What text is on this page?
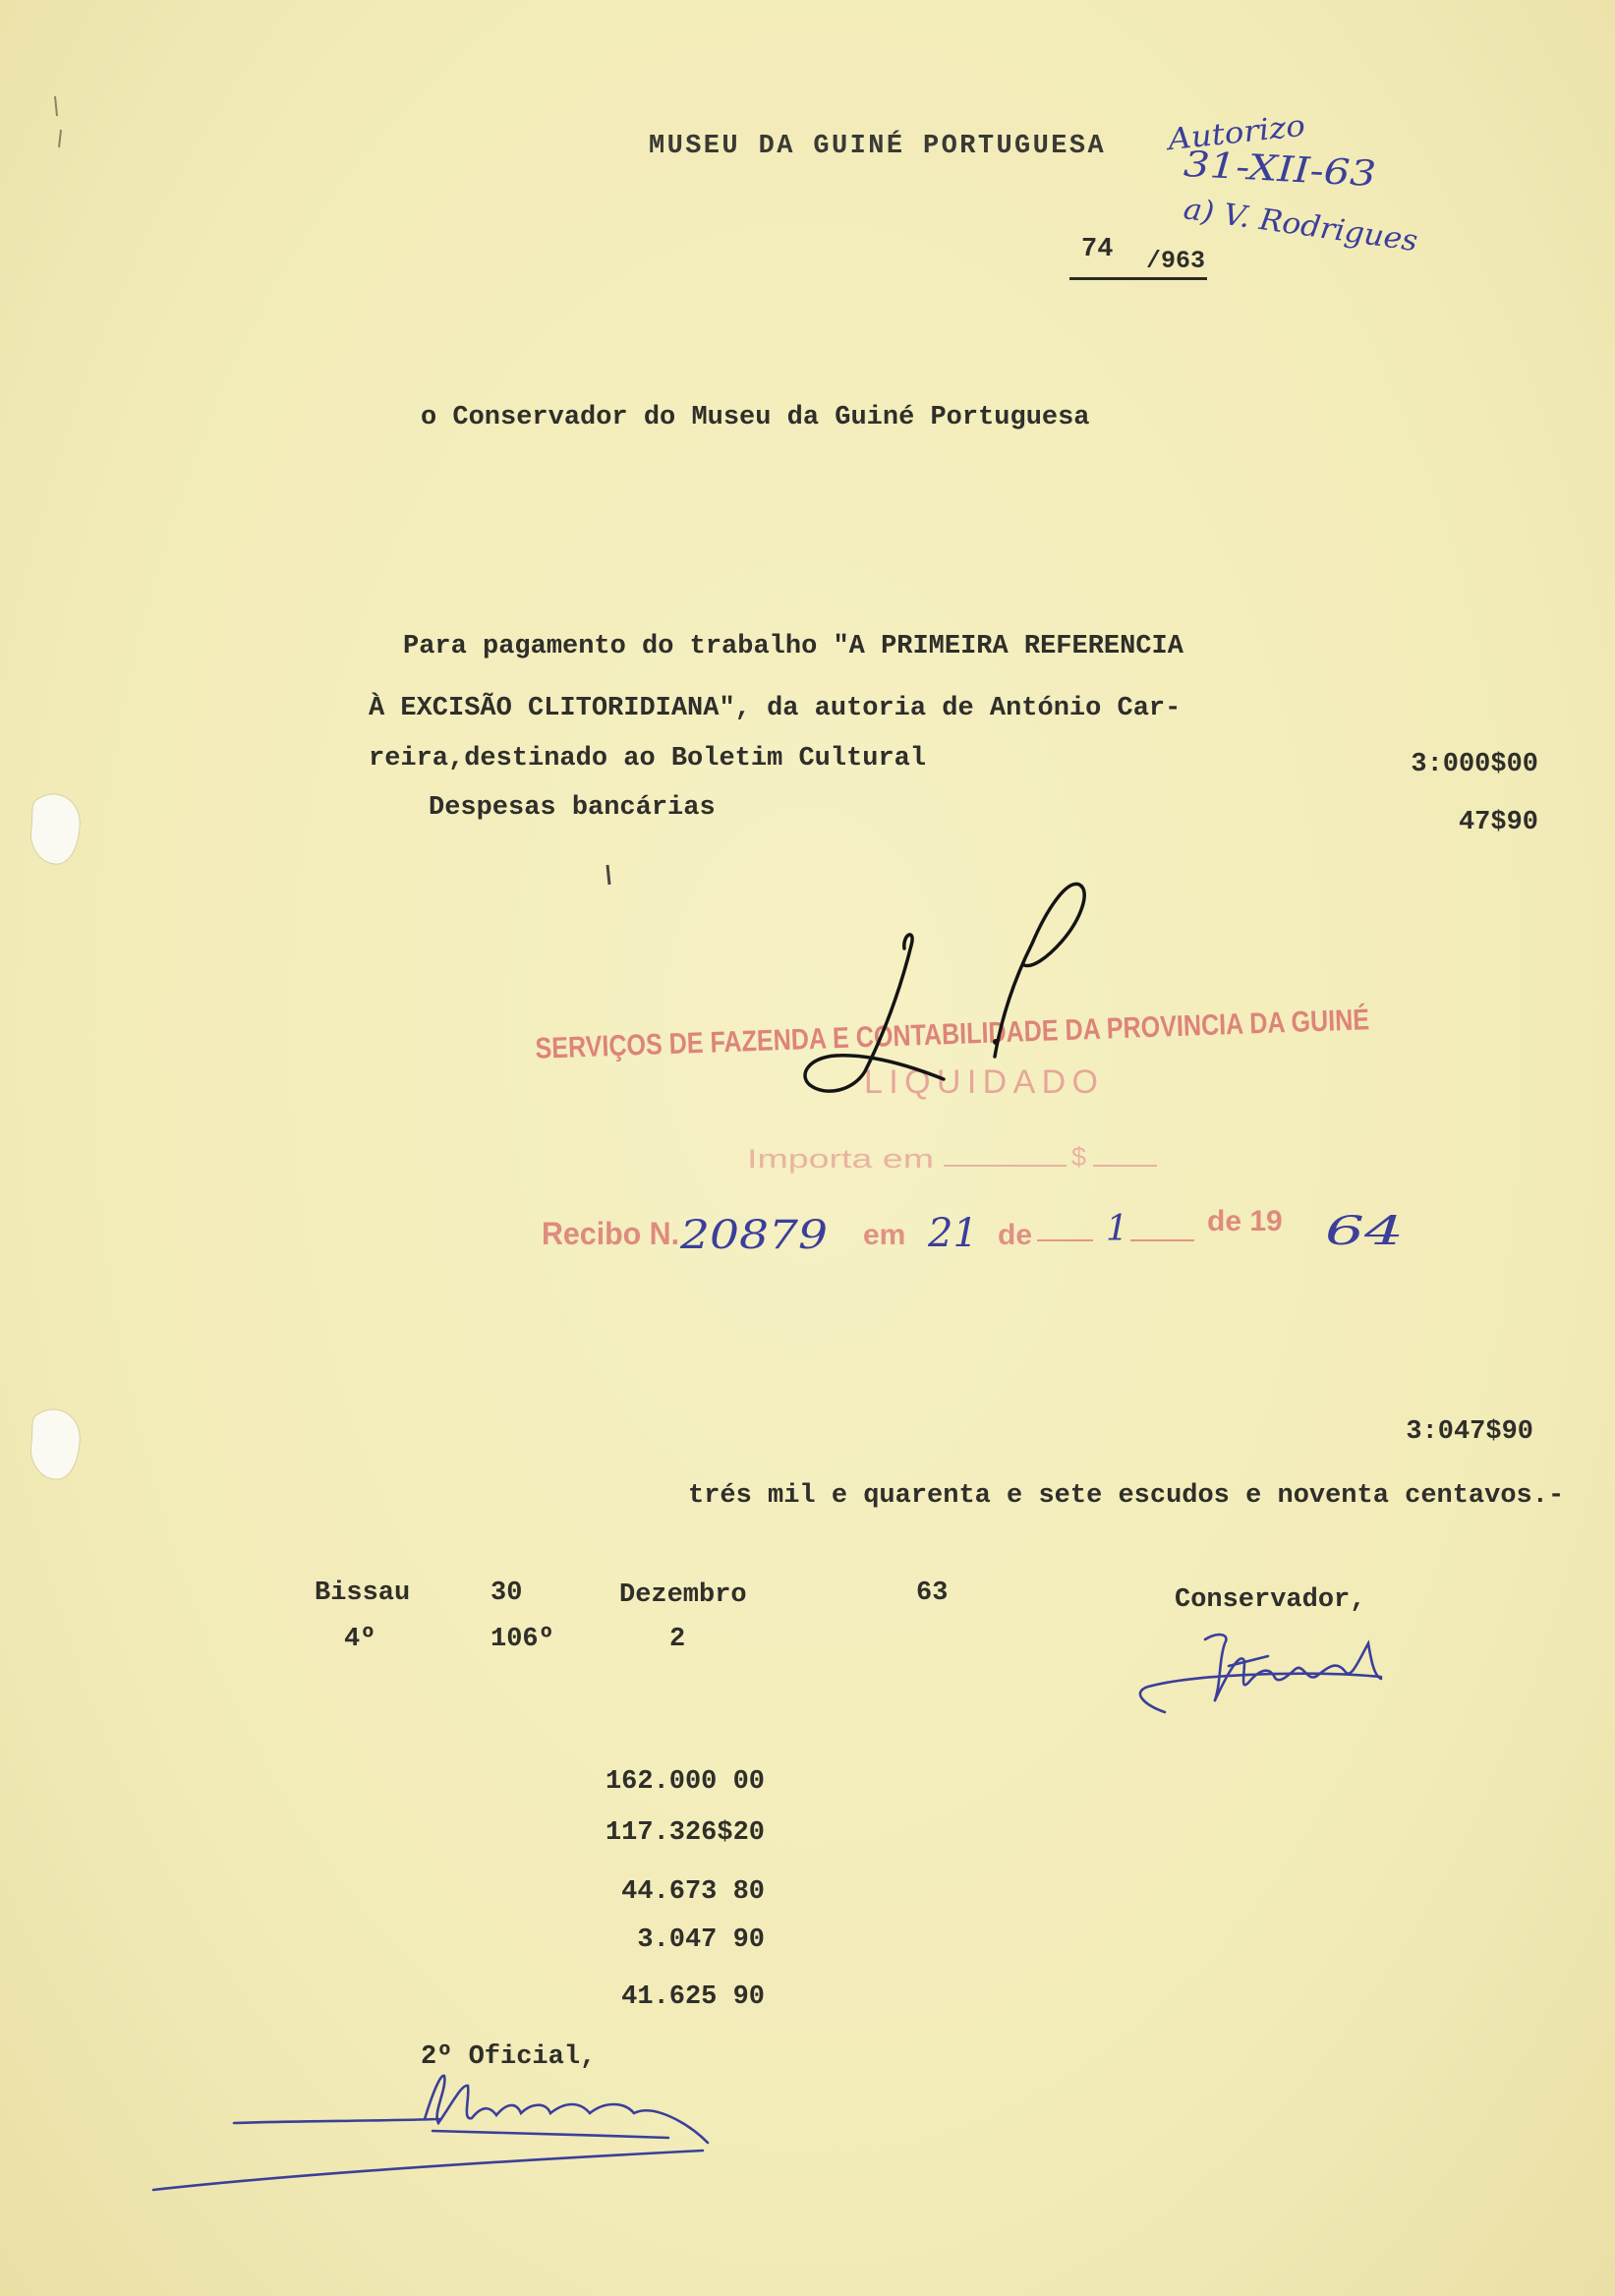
MUSEU DA GUINÉ PORTUGUESA
74 /963
o Conservador do Museu da Guiné Portuguesa
Para pagamento do trabalho "A PRIMEIRA REFERENCIA
À EXCISÃO CLITORIDIANA", da autoria de António Car-
reira,destinado ao Boletim Cultural	3:000$00
Despesas bancárias	47$90
3:047$90
trés mil e quarenta e sete escudos e noventa centavos.-
Bissau	30	Dezembro	63	Conservador,
4º	106º	2
162.000 00
117.326$20
44.673 80
3.047 90
41.625 90
2º Oficial,
Autorizo
31-XII-63
a) V. Rodrigues
SERVIÇOS DE FAZENDA E CONTABILIDADE DA PROVINCIA DA GUINÉ
LIQUIDADO
Importa em	$
Recibo N.	em	de	de 19
20879	21	1	64
